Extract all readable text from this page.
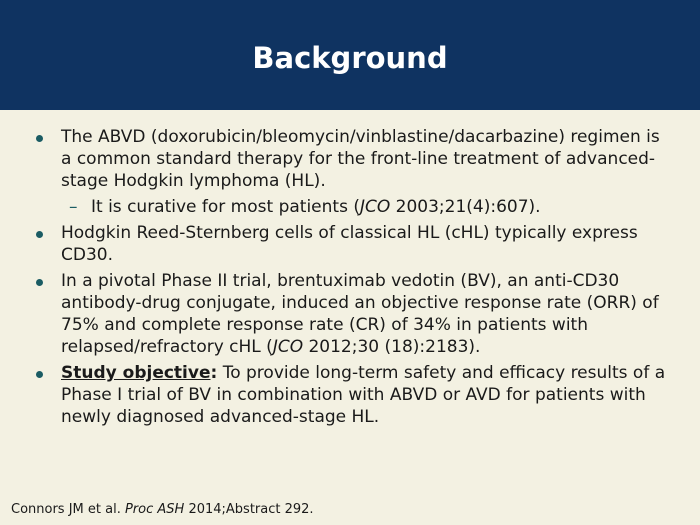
Background
The ABVD (doxorubicin/bleomycin/vinblastine/dacarbazine) regimen is a common standard therapy for the front-line treatment of advanced-stage Hodgkin lymphoma (HL).
– It is curative for most patients (JCO 2003;21(4):607).
Hodgkin Reed-Sternberg cells of classical HL (cHL) typically express CD30.
In a pivotal Phase II trial, brentuximab vedotin (BV), an anti-CD30 antibody-drug conjugate, induced an objective response rate (ORR) of 75% and complete response rate (CR) of 34% in patients with relapsed/refractory cHL (JCO 2012;30 (18):2183).
Study objective: To provide long-term safety and efficacy results of a Phase I trial of BV in combination with ABVD or AVD for patients with newly diagnosed advanced-stage HL.
Connors JM et al. Proc ASH 2014;Abstract 292.
